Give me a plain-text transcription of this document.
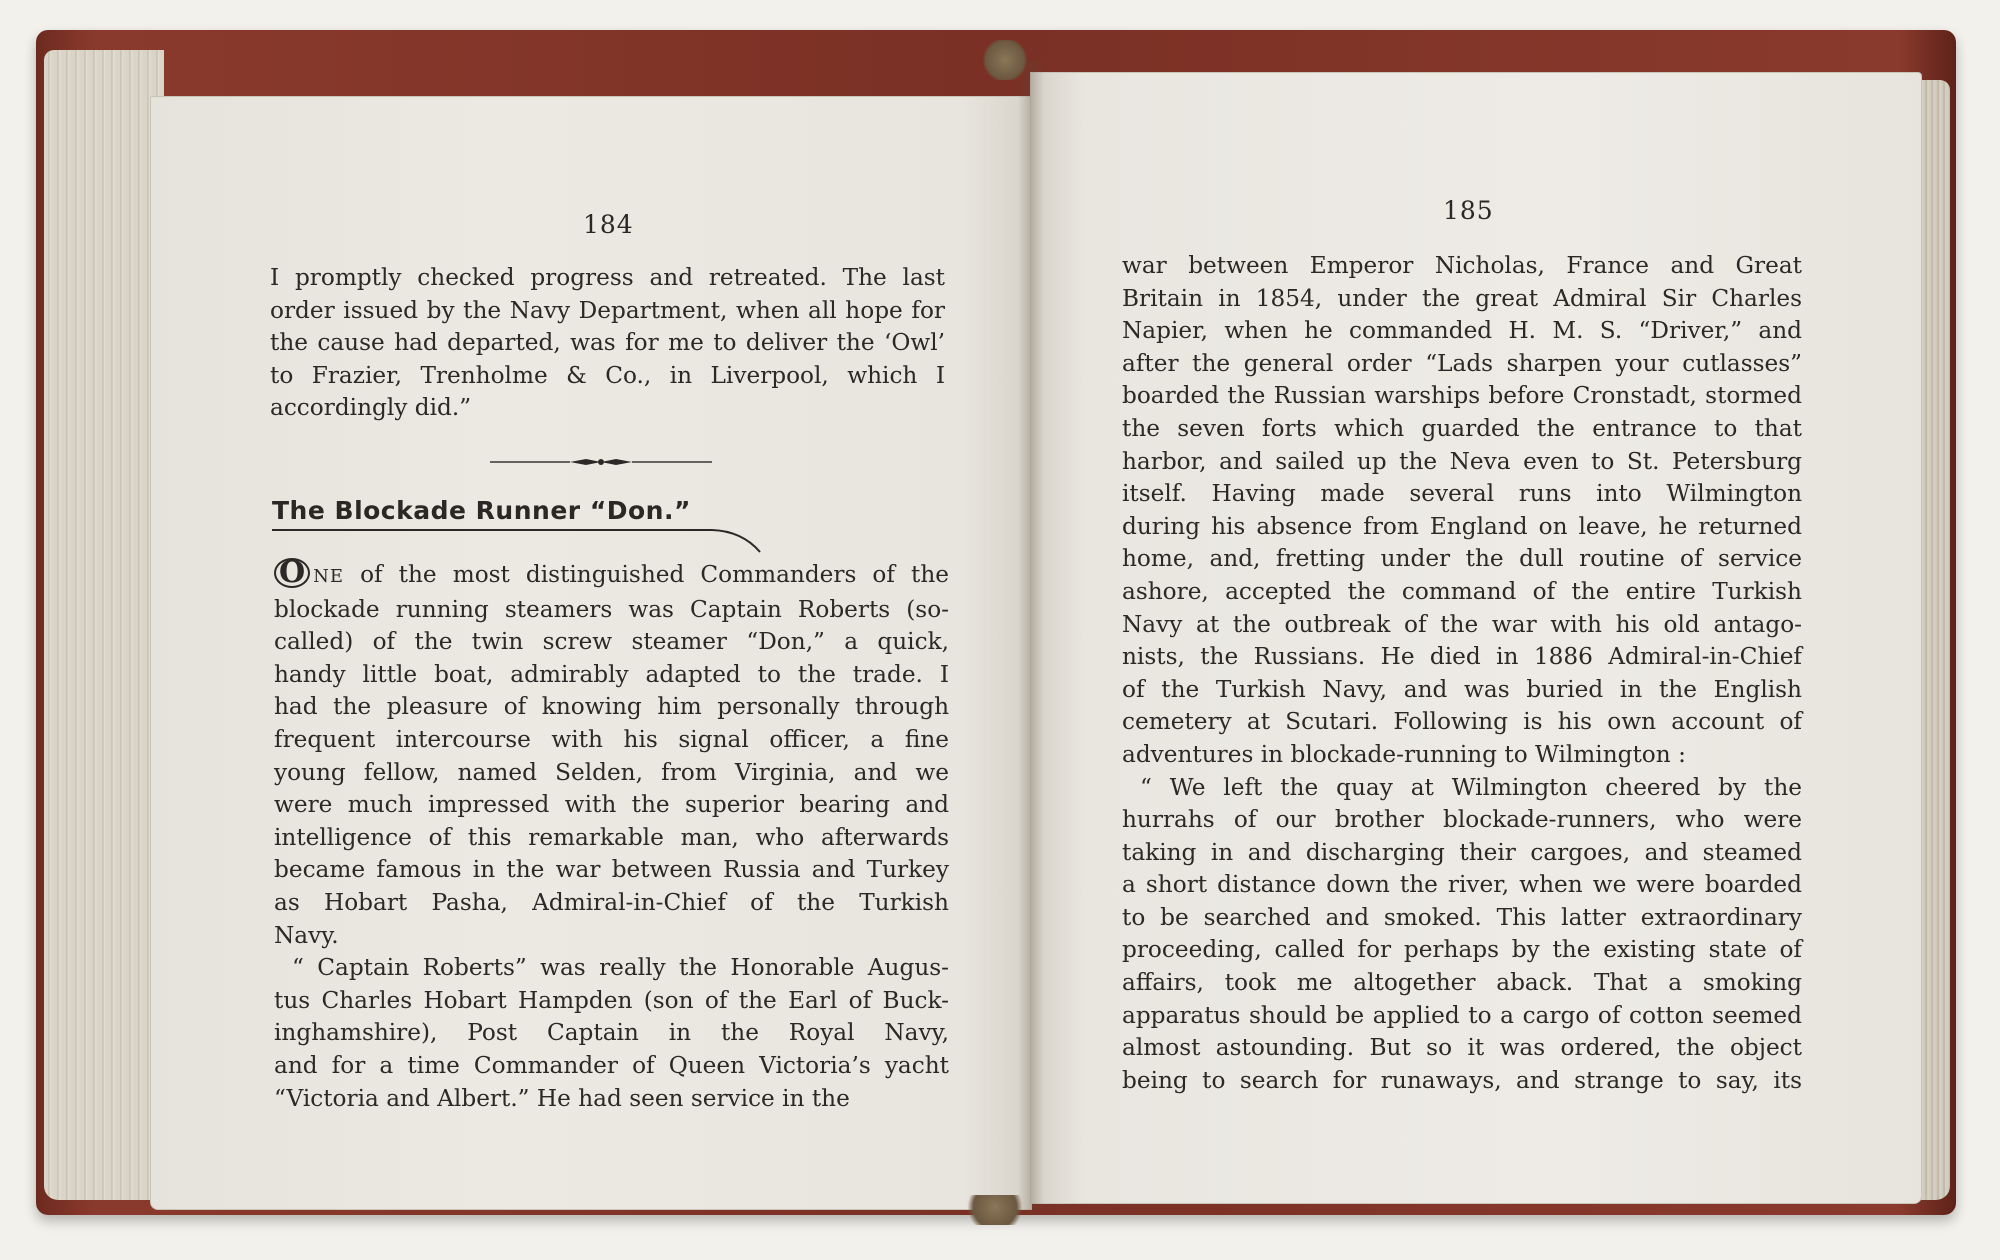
184
I promptly checked progress and retreated. The last
order issued by the Navy Department, when all hope for
the cause had departed, was for me to deliver the ‘Owl’
to Frazier, Trenholme & Co., in Liverpool, which I
accordingly did.”
The Blockade Runner “Don.”
O NE of the most distinguished Commanders of the
blockade running steamers was Captain Roberts (so-
called) of the twin screw steamer “Don,” a quick,
handy little boat, admirably adapted to the trade. I
had the pleasure of knowing him personally through
frequent intercourse with his signal officer, a fine
young fellow, named Selden, from Virginia, and we
were much impressed with the superior bearing and
intelligence of this remarkable man, who afterwards
became famous in the war between Russia and Turkey
as Hobart Pasha, Admiral-in-Chief of the Turkish
Navy.
“ Captain Roberts” was really the Honorable Augus-
tus Charles Hobart Hampden (son of the Earl of Buck-
inghamshire), Post Captain in the Royal Navy,
and for a time Commander of Queen Victoria’s yacht
“Victoria and Albert.” He had seen service in the
185
war between Emperor Nicholas, France and Great
Britain in 1854, under the great Admiral Sir Charles
Napier, when he commanded H. M. S. “Driver,” and
after the general order “Lads sharpen your cutlasses”
boarded the Russian warships before Cronstadt, stormed
the seven forts which guarded the entrance to that
harbor, and sailed up the Neva even to St. Petersburg
itself. Having made several runs into Wilmington
during his absence from England on leave, he returned
home, and, fretting under the dull routine of service
ashore, accepted the command of the entire Turkish
Navy at the outbreak of the war with his old antago-
nists, the Russians. He died in 1886 Admiral-in-Chief
of the Turkish Navy, and was buried in the English
cemetery at Scutari. Following is his own account of
adventures in blockade-running to Wilmington :
“ We left the quay at Wilmington cheered by the
hurrahs of our brother blockade-runners, who were
taking in and discharging their cargoes, and steamed
a short distance down the river, when we were boarded
to be searched and smoked. This latter extraordinary
proceeding, called for perhaps by the existing state of
affairs, took me altogether aback. That a smoking
apparatus should be applied to a cargo of cotton seemed
almost astounding. But so it was ordered, the object
being to search for runaways, and strange to say, its
